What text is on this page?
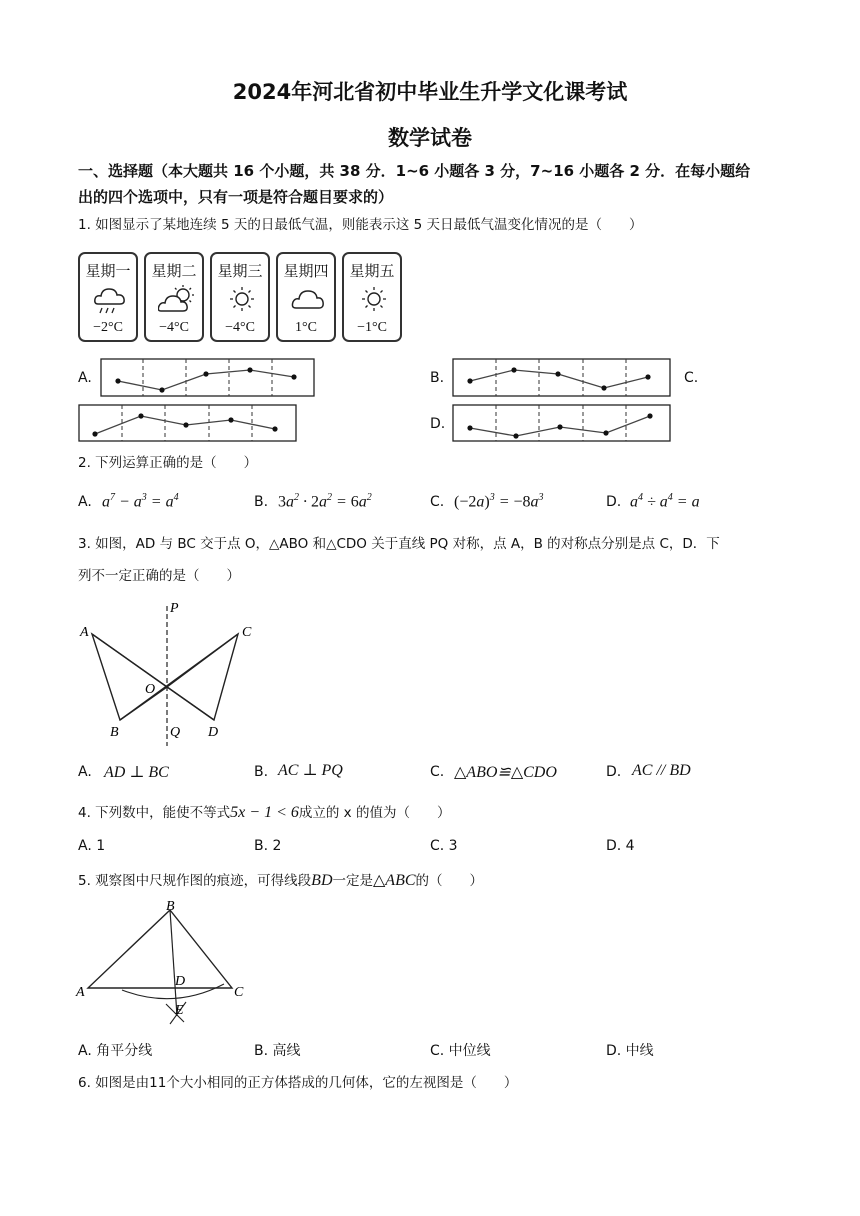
2024年河北省初中毕业生升学文化课考试
数学试卷
一、选择题（本大题共 16 个小题，共 38 分．1~6 小题各 3 分，7~16 小题各 2 分．在每小题给
出的四个选项中，只有一项是符合题目要求的）
1. 如图显示了某地连续 5 天的日最低气温，则能表示这 5 天日最低气温变化情况的是（　　）
星期一
−2°C
星期二
−4°C
星期三
−4°C
星期四
1°C
星期五
−1°C
A.	B.	C.
D.
2. 下列运算正确的是（　　）
A. $a^7 - a^3 = a^4$	B. $3a^2 \cdot 2a^2 = 6a^2$	C. $(-2a)^3 = -8a^3$	D. $a^4 \div a^4 = a$
3. 如图，AD 与 BC 交于点 O，△ABO 和△CDO 关于直线 PQ 对称，点 A，B 的对称点分别是点 C，D．下
列不一定正确的是（　　）
P
A	C
O
B	Q D
A. AD ⊥ BC	B. AC ⊥ PQ	C. △ABO≌△CDO	D. AC // BD
4. 下列数中，能使不等式5x − 1 < 6成立的 x 的值为（　　）
A. 1	B. 2	C. 3	D. 4
5. 观察图中尺规作图的痕迹，可得线段BD一定是△ABC的（　　）
B
A
D
C
E
A. 角平分线	B. 高线	C. 中位线	D. 中线
6. 如图是由11个大小相同的正方体搭成的几何体，它的左视图是（　　）
